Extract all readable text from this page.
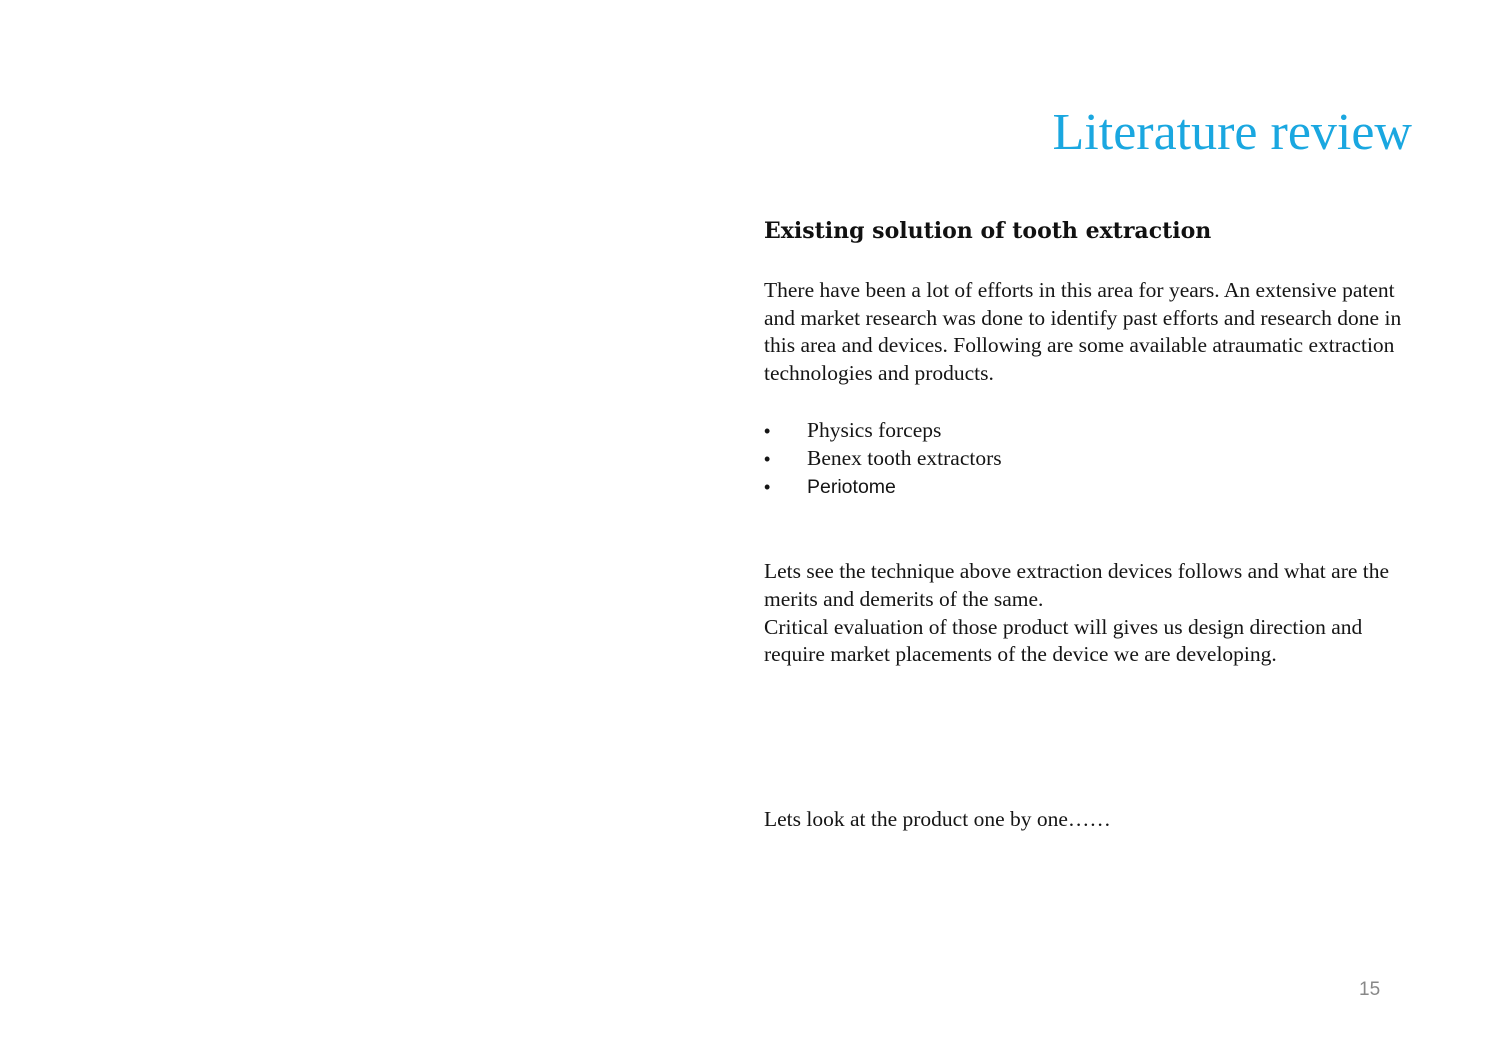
Literature review
Existing solution of tooth extraction

There have been a lot of efforts in this area for years. An extensive patent and market research was done to identify past efforts and research done in this area and devices. Following are some available atraumatic extraction technologies and products.

•	Physics forceps
•	Benex tooth extractors
•	Periotome

Lets see the technique above extraction devices follows and what are the merits and demerits of the same.

Critical evaluation of those product will gives us design direction and require market placements of the device we are developing.

Lets look at the product one by one……

15
